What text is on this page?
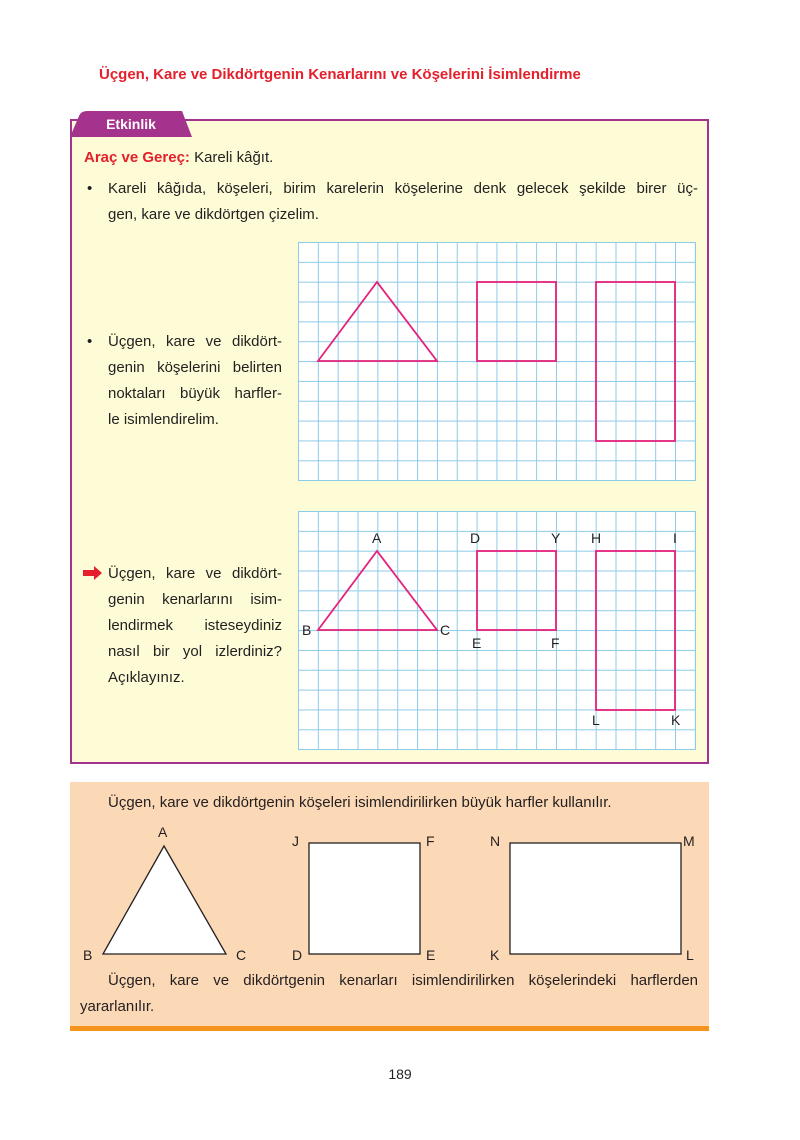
Üçgen, Kare ve Dikdörtgenin Kenarlarını ve Köşelerini İsimlendirme
Etkinlik
Araç ve Gereç: Kareli kâğıt.
• Kareli kâğıda, köşeleri, birim karelerin köşelerine denk gelecek şekilde birer üç-
gen, kare ve dikdörtgen çizelim.
• Üçgen, kare ve dikdört-
genin köşelerini belirten
noktaları büyük harfler-
le isimlendirelim.
Üçgen, kare ve dikdört-
genin kenarlarını isim-
lendirmek isteseydiniz
nasıl bir yol izlerdiniz?
Açıklayınız.
A
B	C
D	Y
E	F
H	I
L	K
Üçgen, kare ve dikdörtgenin köşeleri isimlendirilirken büyük harfler kullanılır.
A
B	C
J	F
D	E
N	M
K	L
Üçgen, kare ve dikdörtgenin kenarları isimlendirilirken köşelerindeki harflerden
yararlanılır.
189
